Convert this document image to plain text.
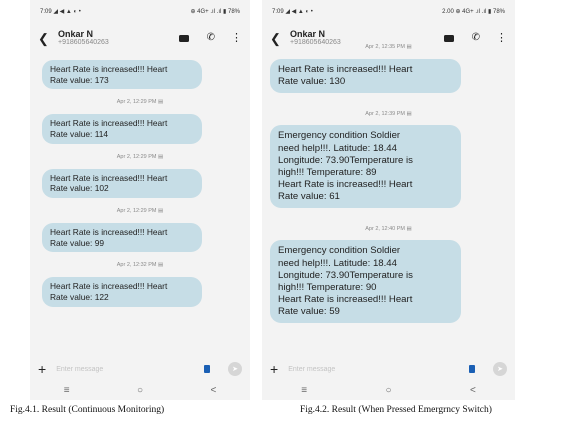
7:09 ◢ ◀ ▲ ◐ •	⊕ 4G+ .ıl .ıl ▮ 78%
❮	Onkar N
+918605640263	✆ ⋮
Heart Rate is increased!!! Heart
Rate value: 173
Apr 2, 12:29 PM ▤
Heart Rate is increased!!! Heart
Rate value: 114
Apr 2, 12:29 PM ▤
Heart Rate is increased!!! Heart
Rate value: 102
Apr 2, 12:29 PM ▤
Heart Rate is increased!!! Heart
Rate value: 99
Apr 2, 12:32 PM ▤
Heart Rate is increased!!! Heart
Rate value: 122
+
Enter message	➤
≡	○	<
7:09 ◢ ◀ ▲ ◐ •	2.00 ⊕ 4G+ .ıl .ıl ▮ 78%
❮	Onkar N
+918605640263	✆ ⋮
Apr 2, 12:35 PM ▤
Heart Rate is increased!!! Heart
Rate value: 130
Apr 2, 12:39 PM ▤
Emergency condition Soldier
need help!!!. Latitude: 18.44
Longitude: 73.90Temperature is
high!!! Temperature: 89
Heart Rate is increased!!! Heart
Rate value: 61
Apr 2, 12:40 PM ▤
Emergency condition Soldier
need help!!!. Latitude: 18.44
Longitude: 73.90Temperature is
high!!! Temperature: 90
Heart Rate is increased!!! Heart
Rate value: 59
+
Enter message	➤
≡	○	<
Fig.4.1. Result (Continuous Monitoring)	Fig.4.2. Result (When Pressed Emergrncy Switch)
